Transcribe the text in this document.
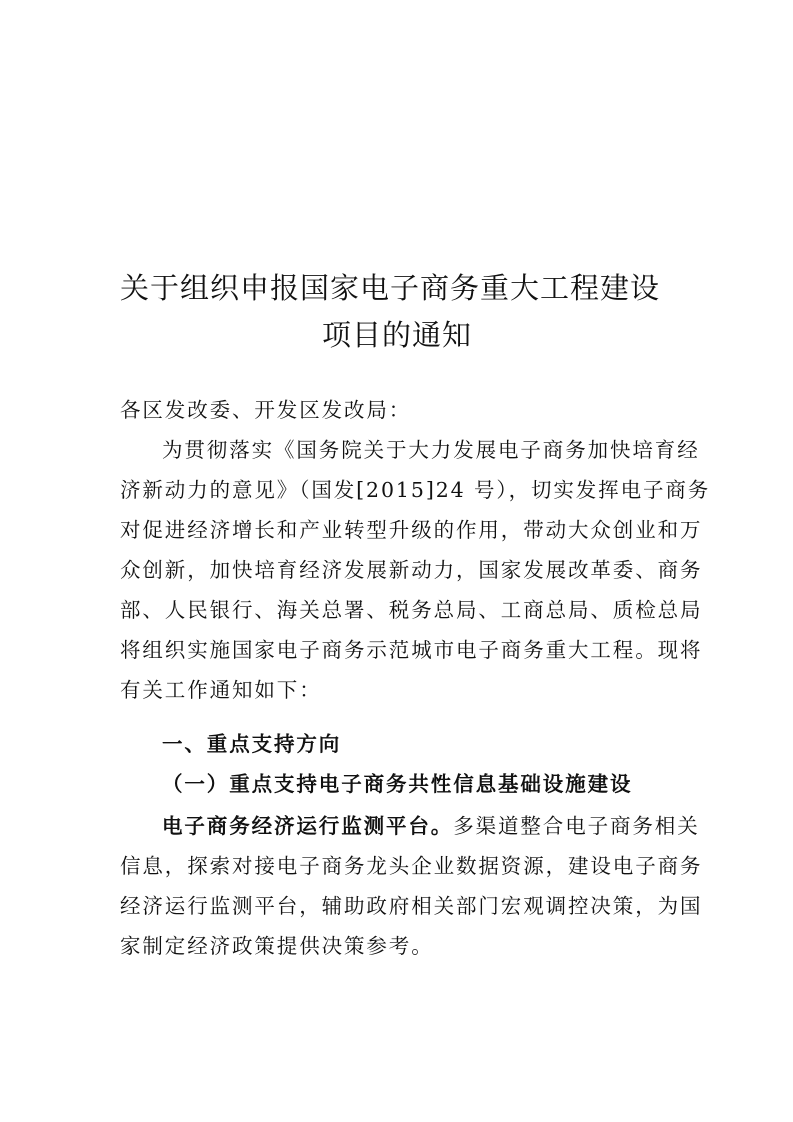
关于组织申报国家电子商务重大工程建设
项目的通知
各区发改委、开发区发改局：
为贯彻落实《国务院关于大力发展电子商务加快培育经
济新动力的意见》（国发[2015]24 号），切实发挥电子商务
对促进经济增长和产业转型升级的作用，带动大众创业和万
众创新，加快培育经济发展新动力，国家发展改革委、商务
部、人民银行、海关总署、税务总局、工商总局、质检总局
将组织实施国家电子商务示范城市电子商务重大工程。现将
有关工作通知如下：
一、重点支持方向
（一）重点支持电子商务共性信息基础设施建设
电子商务经济运行监测平台。多渠道整合电子商务相关
信息，探索对接电子商务龙头企业数据资源，建设电子商务
经济运行监测平台，辅助政府相关部门宏观调控决策，为国
家制定经济政策提供决策参考。
